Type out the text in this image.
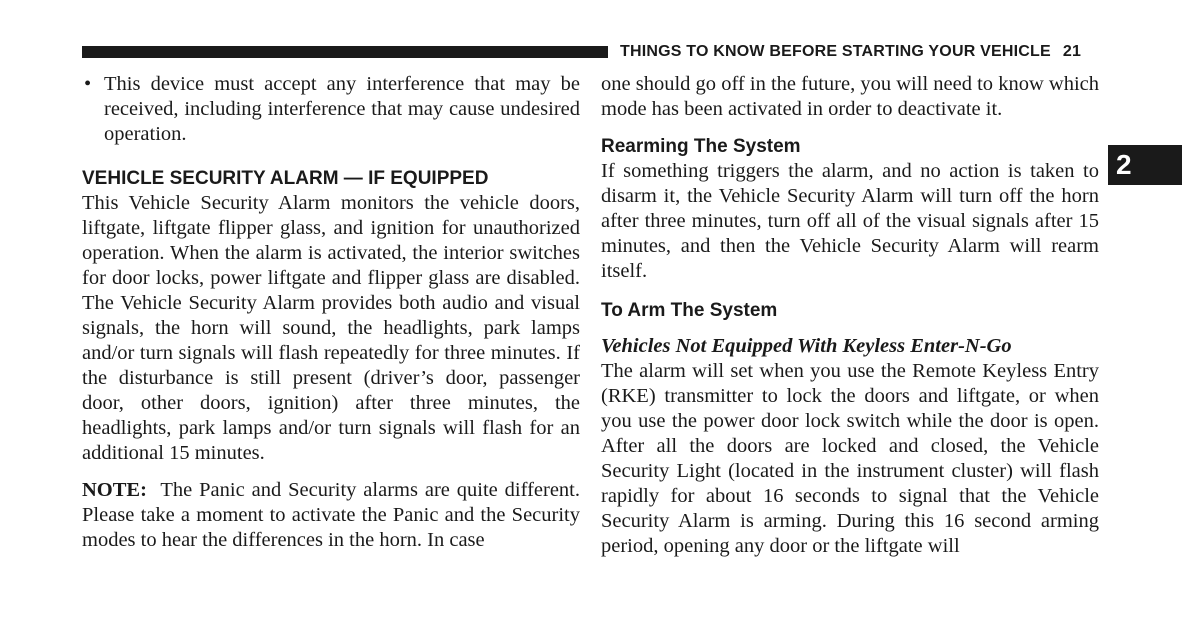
THINGS TO KNOW BEFORE STARTING YOUR VEHICLE 21
2

• This device must accept any interference that may be received, including interference that may cause undesired operation.

VEHICLE SECURITY ALARM — IF EQUIPPED

This Vehicle Security Alarm monitors the vehicle doors, liftgate, liftgate flipper glass, and ignition for unauthorized operation. When the alarm is activated, the interior switches for door locks, power liftgate and flipper glass are disabled. The Vehicle Security Alarm provides both audio and visual signals, the horn will sound, the headlights, park lamps and/or turn signals will flash repeatedly for three minutes. If the disturbance is still present (driver’s door, passenger door, other doors, ignition) after three minutes, the headlights, park lamps and/or turn signals will flash for an additional 15 minutes.

NOTE: The Panic and Security alarms are quite different. Please take a moment to activate the Panic and the Security modes to hear the differences in the horn. In case

one should go off in the future, you will need to know which mode has been activated in order to deactivate it.

Rearming The System

If something triggers the alarm, and no action is taken to disarm it, the Vehicle Security Alarm will turn off the horn after three minutes, turn off all of the visual signals after 15 minutes, and then the Vehicle Security Alarm will rearm itself.

To Arm The System

Vehicles Not Equipped With Keyless Enter-N-Go

The alarm will set when you use the Remote Keyless Entry (RKE) transmitter to lock the doors and liftgate, or when you use the power door lock switch while the door is open. After all the doors are locked and closed, the Vehicle Security Light (located in the instrument cluster) will flash rapidly for about 16 seconds to signal that the Vehicle Security Alarm is arming. During this 16 second arming period, opening any door or the liftgate will
